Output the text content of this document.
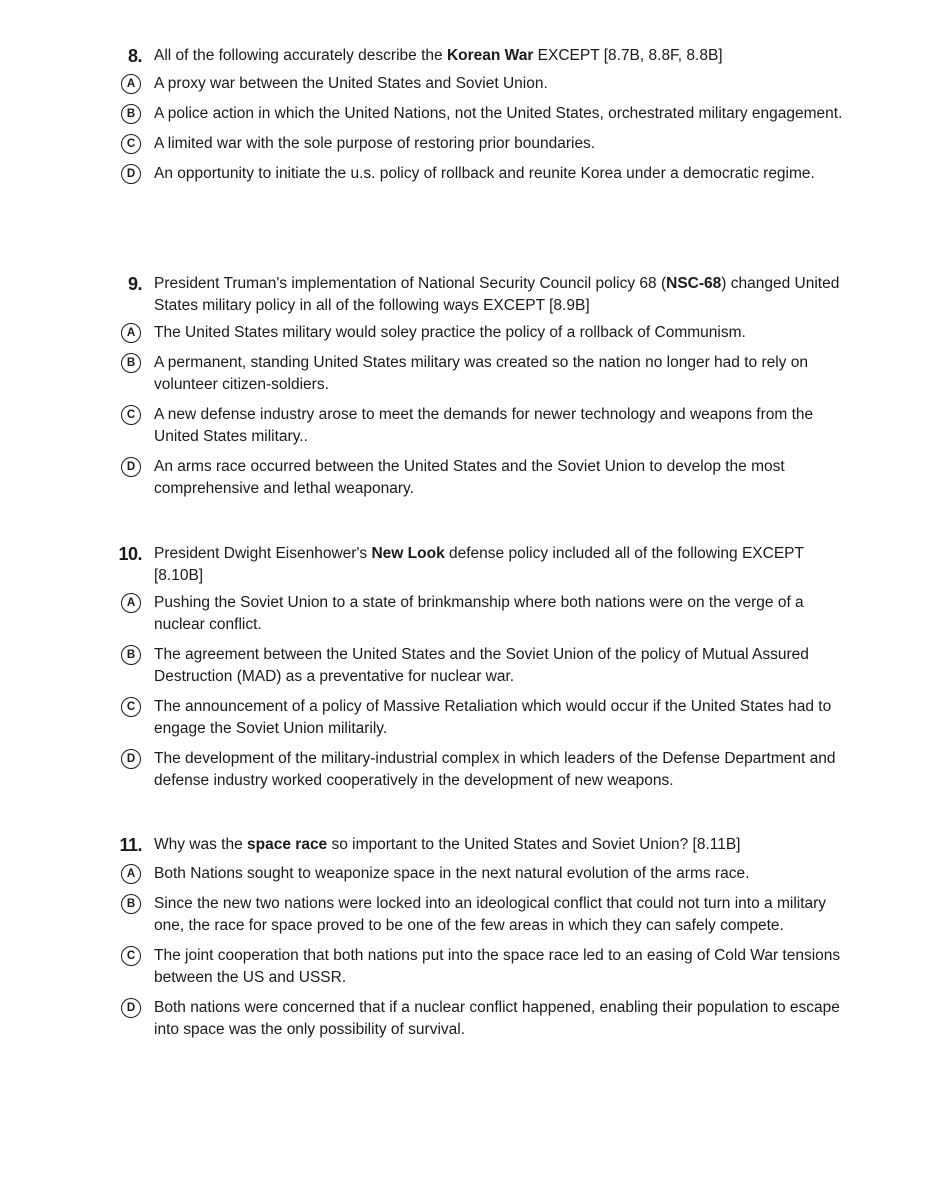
8. All of the following accurately describe the Korean War EXCEPT [8.7B, 8.8F, 8.8B]
A	A proxy war between the United States and Soviet Union.
B	A police action in which the United Nations, not the United States, orchestrated military engagement.
C	A limited war with the sole purpose of restoring prior boundaries.
D	An opportunity to initiate the u.s. policy of rollback and reunite Korea under a democratic regime.
9. President Truman's implementation of National Security Council policy 68 (NSC-68) changed United States military policy in all of the following ways EXCEPT [8.9B]
A	The United States military would soley practice the policy of a rollback of Communism.
B	A permanent, standing United States military was created so the nation no longer had to rely on volunteer citizen-soldiers.
C	A new defense industry arose to meet the demands for newer technology and weapons from the United States military..
D	An arms race occurred between the United States and the Soviet Union to develop the most comprehensive and lethal weaponary.
10. President Dwight Eisenhower's New Look defense policy included all of the following EXCEPT [8.10B]
A	Pushing the Soviet Union to a state of brinkmanship where both nations were on the verge of a nuclear conflict.
B	The agreement between the United States and the Soviet Union of the policy of Mutual Assured Destruction (MAD) as a preventative for nuclear war.
C	The announcement of a policy of Massive Retaliation which would occur if the United States had to engage the Soviet Union militarily.
D	The development of the military-industrial complex in which leaders of the Defense Department and defense industry worked cooperatively in the development of new weapons.
11. Why was the space race so important to the United States and Soviet Union? [8.11B]
A	Both Nations sought to weaponize space in the next natural evolution of the arms race.
B	Since the new two nations were locked into an ideological conflict that could not turn into a military one, the race for space proved to be one of the few areas in which they can safely compete.
C	The joint cooperation that both nations put into the space race led to an easing of Cold War tensions between the US and USSR.
D	Both nations were concerned that if a nuclear conflict happened, enabling their population to escape into space was the only possibility of survival.
